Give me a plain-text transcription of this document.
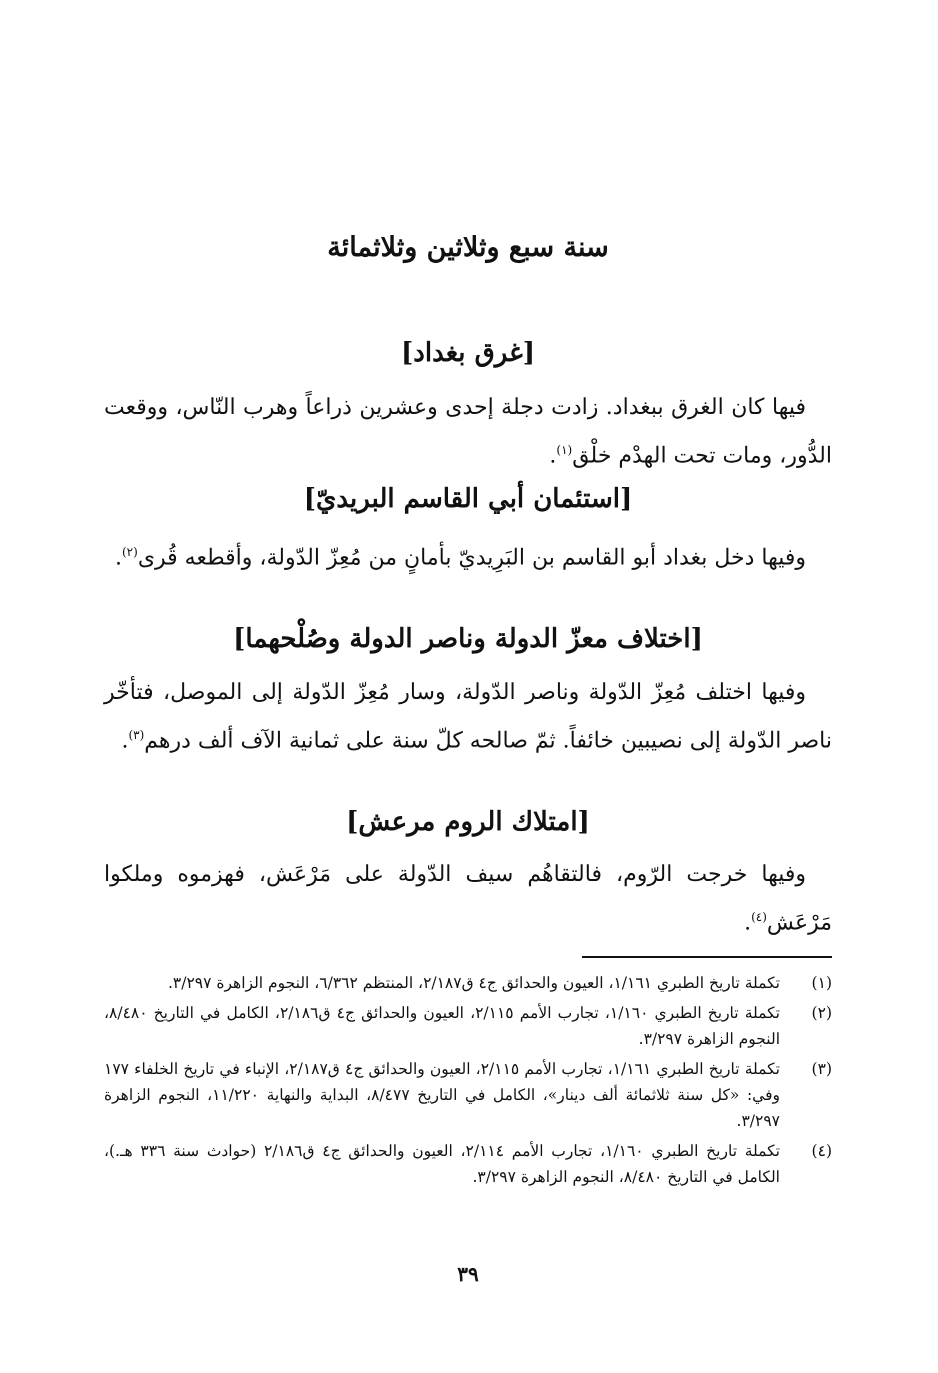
سنة سبع وثلاثين وثلاثمائة
[غرق بغداد]
فيها كان الغرق ببغداد. زادت دجلة إحدى وعشرين ذراعاً وهرب النّاس، ووقعت الدُّور، ومات تحت الهدْم خلْق$^{(١)}$.
[استئمان أبي القاسم البريديّ]
وفيها دخل بغداد أبو القاسم بن البَرِيديّ بأمانٍ من مُعِزّ الدّولة، وأقطعه قُرى$^{(٢)}$.
[اختلاف معزّ الدولة وناصر الدولة وصُلْحهما]
وفيها اختلف مُعِزّ الدّولة وناصر الدّولة، وسار مُعِزّ الدّولة إلى الموصل، فتأخّر ناصر الدّولة إلى نصيبين خائفاً. ثمّ صالحه كلّ سنة على ثمانية الآف ألف درهم$^{(٣)}$.
[امتلاك الروم مرعش]
وفيها خرجت الرّوم، فالتقاهُم سيف الدّولة على مَرْعَش، فهزموه وملكوا مَرْعَش$^{(٤)}$.
(١)
تكملة تاريخ الطبري ١/١٦١، العيون والحدائق ج٤ ق٢/١٨٧، المنتظم ٦/٣٦٢، النجوم الزاهرة ٣/٢٩٧.
(٢)
تكملة تاريخ الطبري ١/١٦٠، تجارب الأمم ٢/١١٥، العيون والحدائق ج٤ ق٢/١٨٦، الكامل في التاريخ ٨/٤٨٠، النجوم الزاهرة ٣/٢٩٧.
(٣)
تكملة تاريخ الطبري ١/١٦١، تجارب الأمم ٢/١١٥، العيون والحدائق ج٤ ق٢/١٨٧، الإنباء في تاريخ الخلفاء ١٧٧ وفي: «كل سنة ثلاثمائة ألف دينار»، الكامل في التاريخ ٨/٤٧٧، البداية والنهاية ١١/٢٢٠، النجوم الزاهرة ٣/٢٩٧.
(٤)
تكملة تاريخ الطبري ١/١٦٠، تجارب الأمم ٢/١١٤، العيون والحدائق ج٤ ق٢/١٨٦ (حوادث سنة ٣٣٦ هـ.)، الكامل في التاريخ ٨/٤٨٠، النجوم الزاهرة ٣/٢٩٧.
٣٩
